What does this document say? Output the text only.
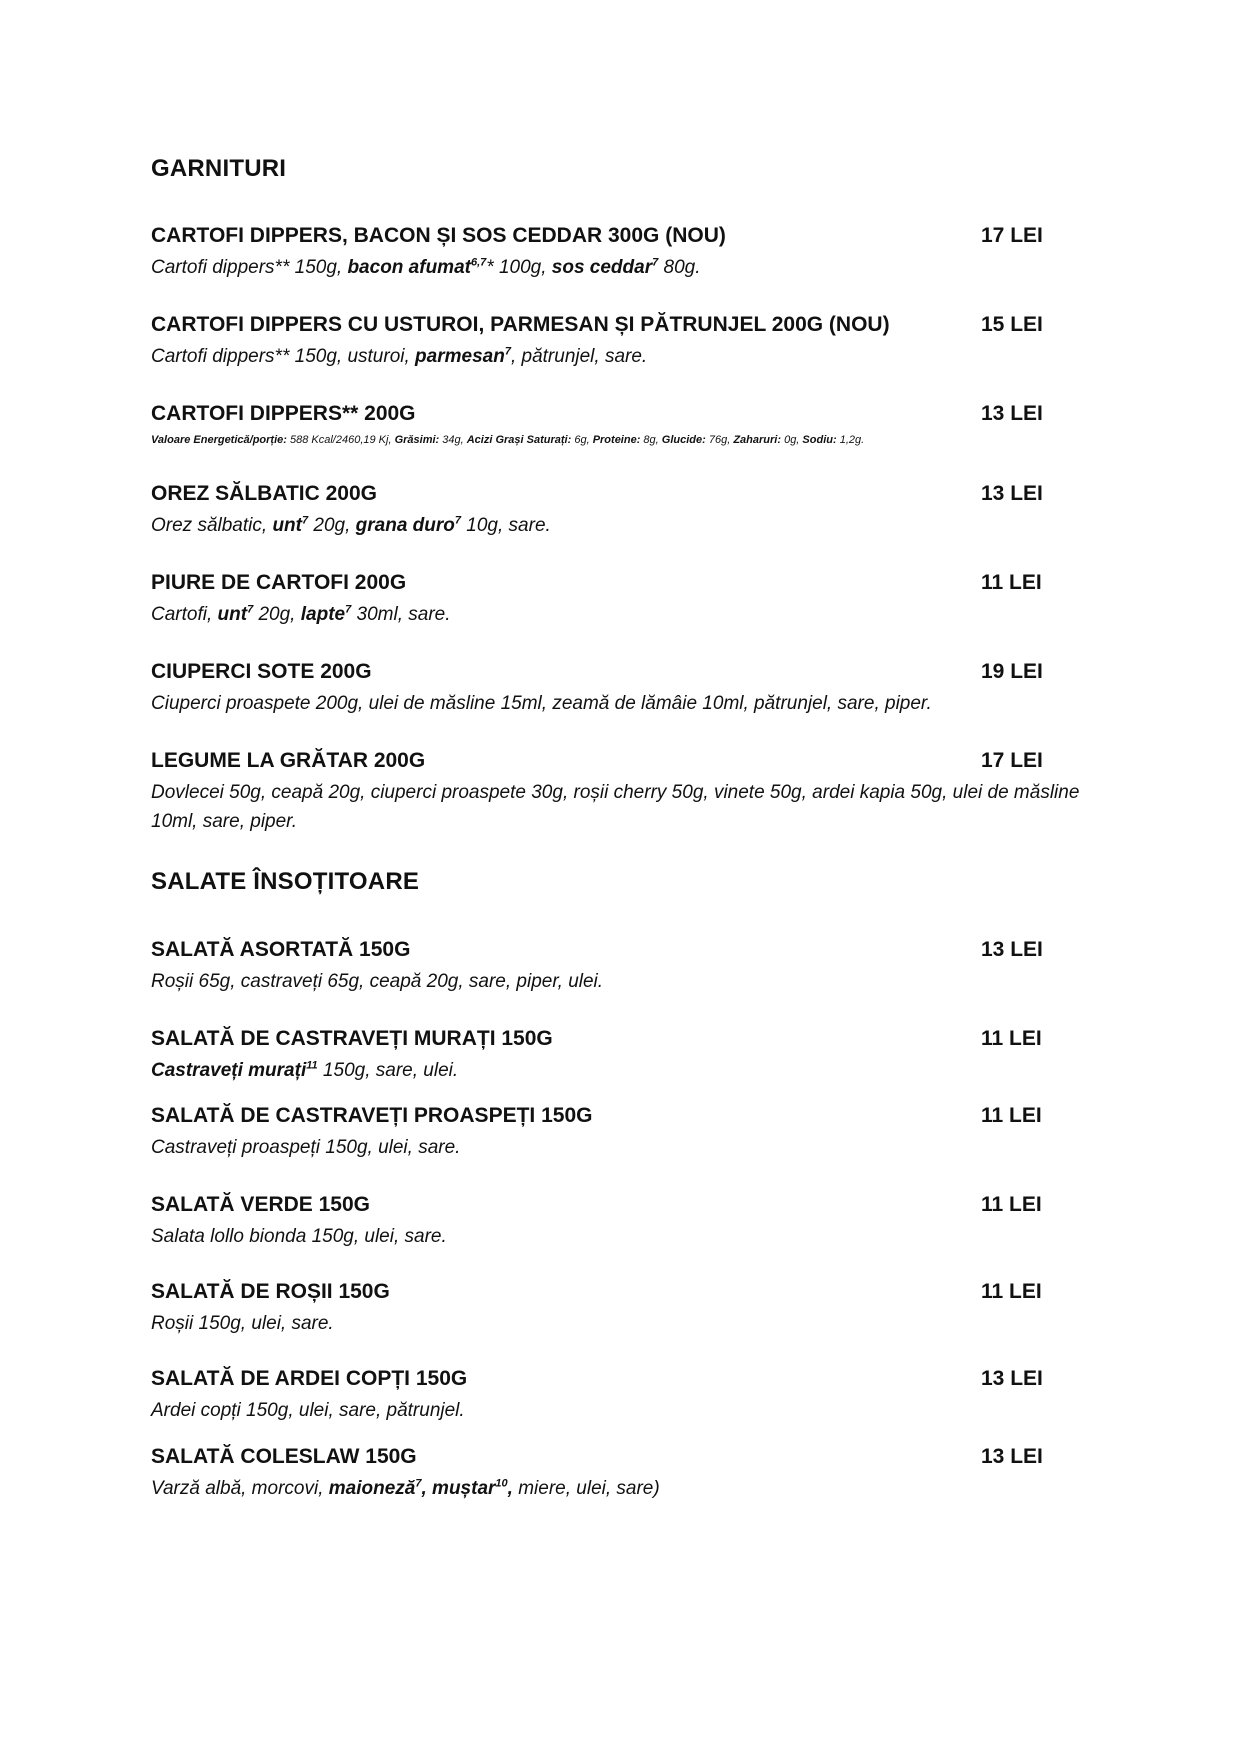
GARNITURI
CARTOFI DIPPERS, BACON ȘI SOS CEDDAR 300G (NOU)	17 LEI
Cartofi dippers** 150g, bacon afumat$^{6,7}$* 100g, sos ceddar$^7$ 80g.
CARTOFI DIPPERS CU USTUROI, PARMESAN ȘI PĂTRUNJEL 200G (NOU)	15 LEI
Cartofi dippers** 150g, usturoi, parmesan$^7$, pătrunjel, sare.
CARTOFI DIPPERS** 200G	13 LEI
Valoare Energetică/porție: 588 Kcal/2460,19 Kj, Grăsimi: 34g, Acizi Grași Saturați: 6g, Proteine: 8g, Glucide: 76g, Zaharuri: 0g, Sodiu: 1,2g.
OREZ SĂLBATIC 200G	13 LEI
Orez sălbatic, unt$^7$ 20g, grana duro$^7$ 10g, sare.
PIURE DE CARTOFI 200G	11 LEI
Cartofi, unt$^7$ 20g, lapte$^7$ 30ml, sare.
CIUPERCI SOTE 200G	19 LEI
Ciuperci proaspete 200g, ulei de măsline 15ml, zeamă de lămâie 10ml, pătrunjel, sare, piper.
LEGUME LA GRĂTAR 200G	17 LEI
Dovlecei 50g, ceapă 20g, ciuperci proaspete 30g, roșii cherry 50g, vinete 50g, ardei kapia 50g, ulei de măsline 10ml, sare, piper.
SALATE ÎNSOȚITOARE
SALATĂ ASORTATĂ 150G	13 LEI
Roșii 65g, castraveți 65g, ceapă 20g, sare, piper, ulei.
SALATĂ DE CASTRAVEȚI MURAȚI 150G	11 LEI
Castraveți murați$^{11}$ 150g, sare, ulei.
SALATĂ DE CASTRAVEȚI PROASPEȚI 150G	11 LEI
Castraveți proaspeți 150g, ulei, sare.
SALATĂ VERDE 150G	11 LEI
Salata lollo bionda 150g, ulei, sare.
SALATĂ DE ROȘII 150G	11 LEI
Roșii 150g, ulei, sare.
SALATĂ DE ARDEI COPȚI 150G	13 LEI
Ardei copți 150g, ulei, sare, pătrunjel.
SALATĂ COLESLAW 150G	13 LEI
Varză albă, morcovi, maioneză$^7$, muștar$^{10}$, miere, ulei, sare)
